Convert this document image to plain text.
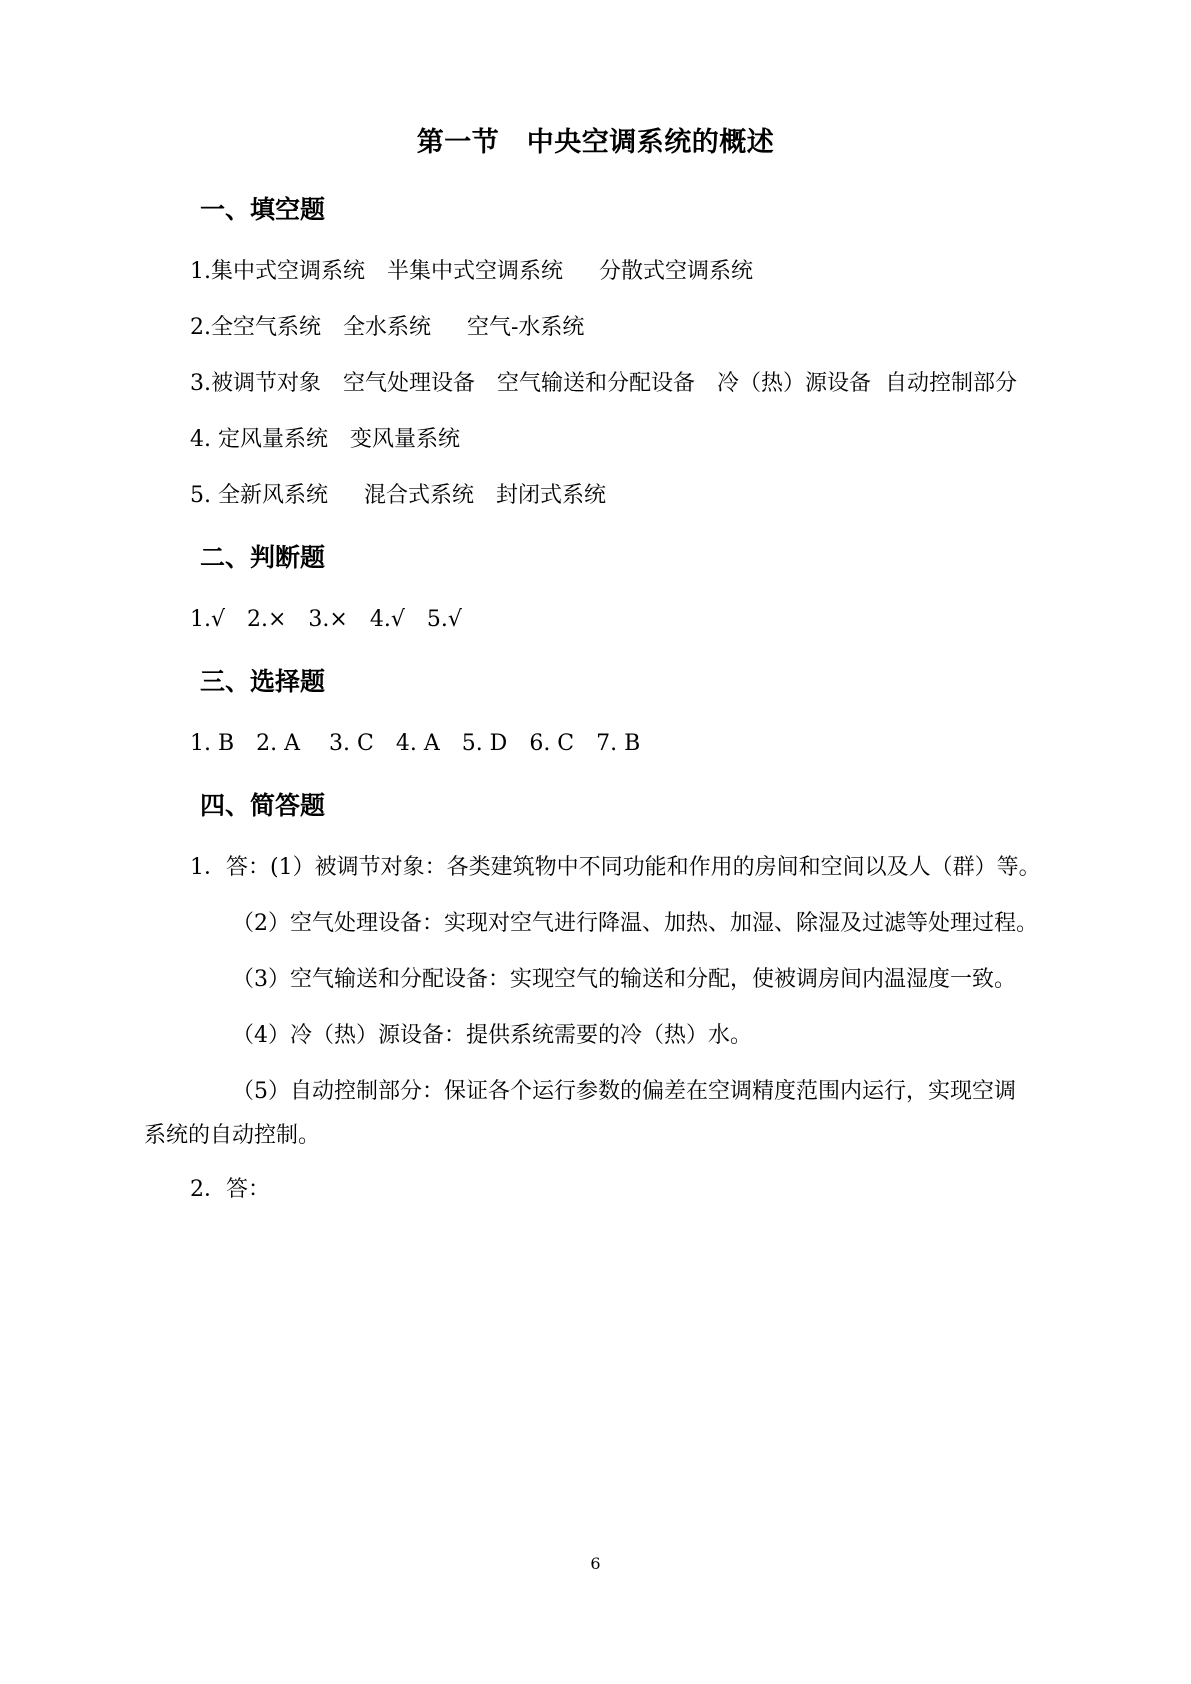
第一节　中央空调系统的概述
一、填空题
1.集中式空调系统　半集中式空调系统　  分散式空调系统
2.全空气系统　全水系统　  空气-水系统
3.被调节对象　空气处理设备　空气输送和分配设备　冷（热）源设备  自动控制部分
4. 定风量系统　变风量系统
5. 全新风系统　  混合式系统　封闭式系统
二、判断题
1.√　2.×　3.×　4.√　5.√
三、选择题
1. B　2. A　 3. C　4. A　5. D　6. C　7. B
四、简答题
1．答：(1）被调节对象：各类建筑物中不同功能和作用的房间和空间以及人（群）等。
（2）空气处理设备：实现对空气进行降温、加热、加湿、除湿及过滤等处理过程。
（3）空气输送和分配设备：实现空气的输送和分配，使被调房间内温湿度一致。
（4）冷（热）源设备：提供系统需要的冷（热）水。
（5）自动控制部分：保证各个运行参数的偏差在空调精度范围内运行，实现空调
系统的自动控制。
2．答：
6
